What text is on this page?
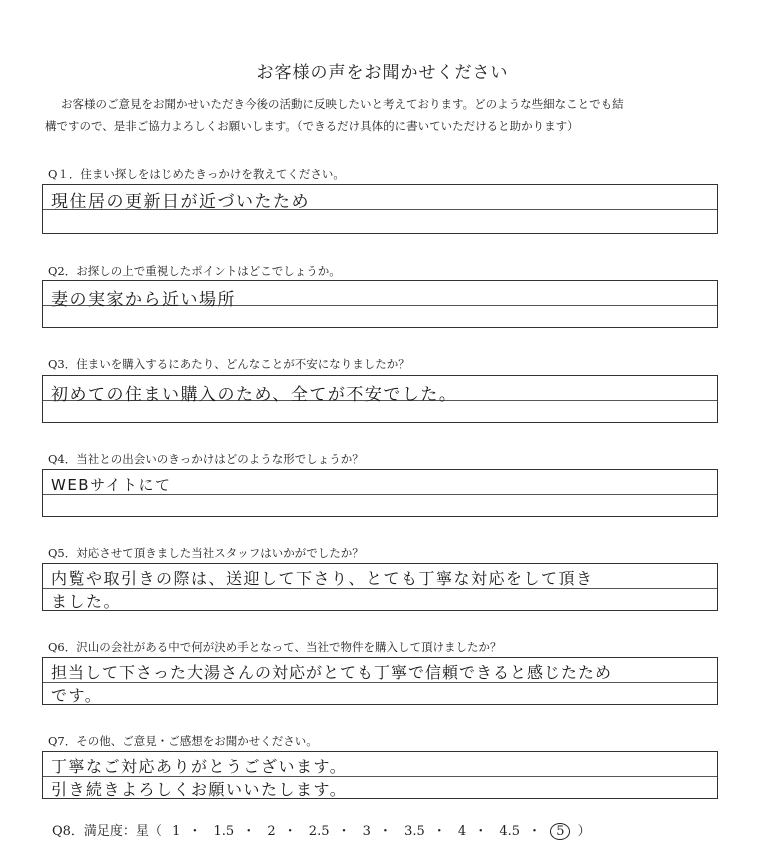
お客様の声をお聞かせください
お客様のご意見をお聞かせいただき今後の活動に反映したいと考えております。どのような些細なことでも結
構ですので、是非ご協力よろしくお願いします。（できるだけ具体的に書いていただけると助かります）
Q１．住まい探しをはじめたきっかけを教えてください。
現住居の更新日が近づいたため
Q2．お探しの上で重視したポイントはどこでしょうか。
妻の実家から近い場所
Q3．住まいを購入するにあたり、どんなことが不安になりましたか？
初めての住まい購入のため、全てが不安でした。
Q4．当社との出会いのきっかけはどのような形でしょうか？
WEBサイトにて
Q5．対応させて頂きました当社スタッフはいかがでしたか？
内覧や取引きの際は、送迎して下さり、とても丁寧な対応をして頂き
ました。
Q6．沢山の会社がある中で何が決め手となって、当社で物件を購入して頂けましたか？
担当して下さった大湯さんの対応がとても丁寧で信頼できると感じたため
です。
Q7．その他、ご意見・ご感想をお聞かせください。
丁寧なご対応ありがとうございます。
引き続きよろしくお願いいたします。
Q8．満足度：星（ 1 ・ 1.5 ・ 2 ・ 2.5 ・ 3 ・ 3.5 ・ 4 ・ 4.5 ・ 5 ）
